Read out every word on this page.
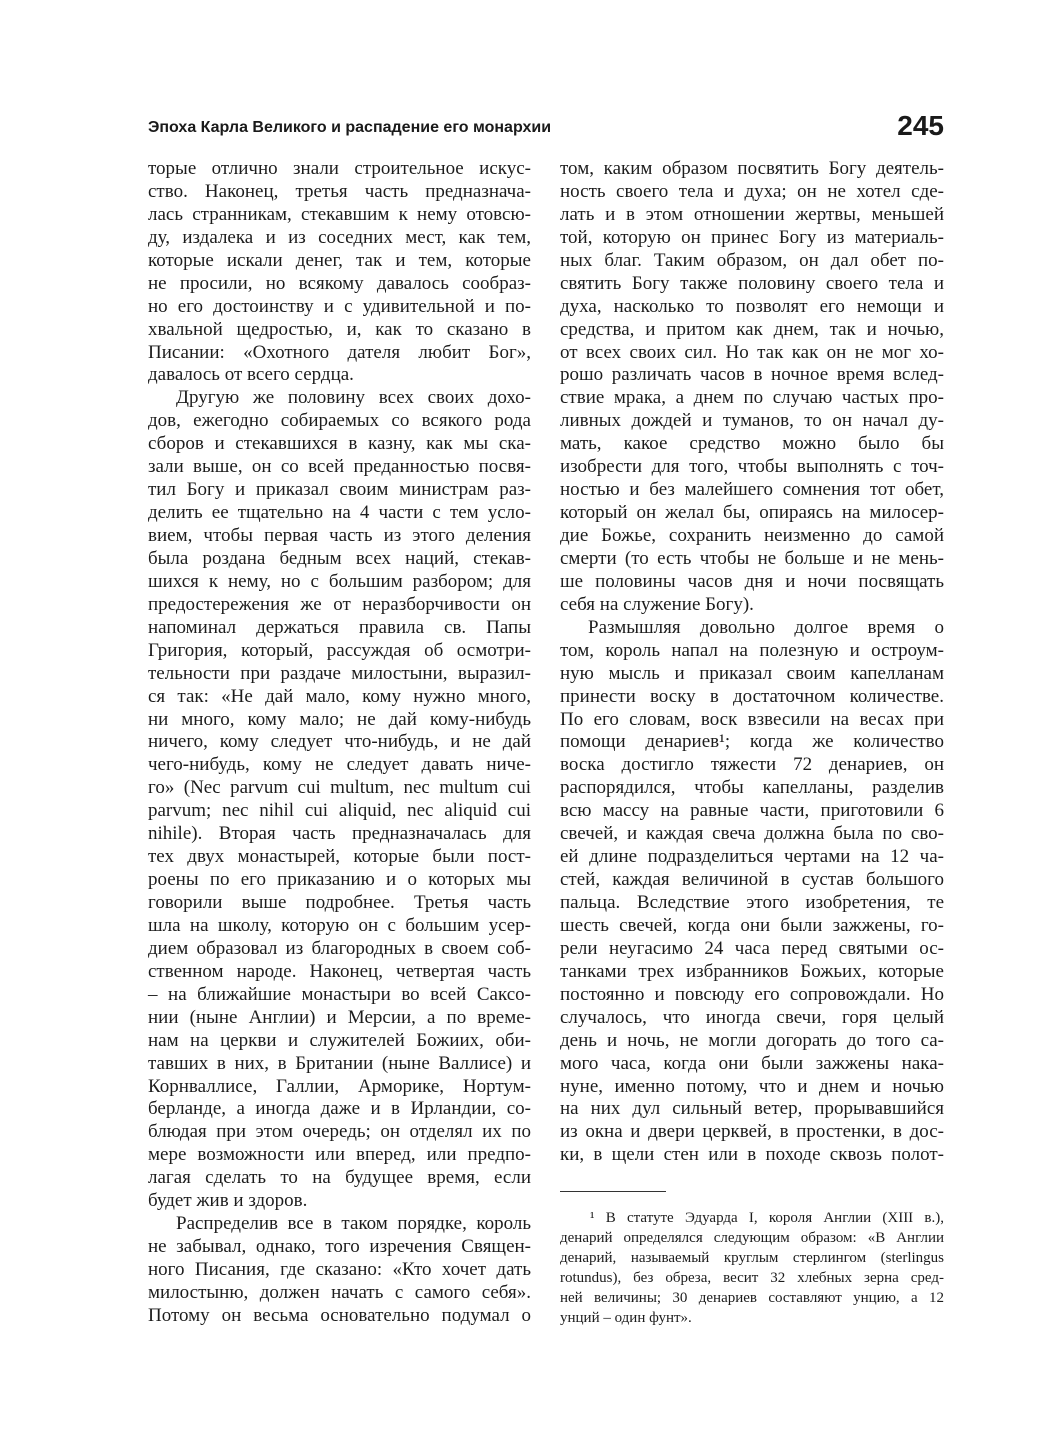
Эпоха Карла Великого и распадение его монархии	245
торые отлично знали строительное искус-
ство. Наконец, третья часть предназнача-
лась странникам, стекавшим к нему отовсю-
ду, издалека и из соседних мест, как тем,
которые искали денег, так и тем, которые
не просили, но всякому давалось сообраз-
но его достоинству и с удивительной и по-
хвальной щедростью, и, как то сказано в
Писании: «Охотного дателя любит Бог»,
давалось от всего сердца.
Другую же половину всех своих дохо-
дов, ежегодно собираемых со всякого рода
сборов и стекавшихся в казну, как мы ска-
зали выше, он со всей преданностью посвя-
тил Богу и приказал своим министрам раз-
делить ее тщательно на 4 части с тем усло-
вием, чтобы первая часть из этого деления
была роздана бедным всех наций, стекав-
шихся к нему, но с большим разбором; для
предостережения же от неразборчивости он
напоминал держаться правила св. Папы
Григория, который, рассуждая об осмотри-
тельности при раздаче милостыни, выразил-
ся так: «Не дай мало, кому нужно много,
ни много, кому мало; не дай кому-нибудь
ничего, кому следует что-нибудь, и не дай
чего-нибудь, кому не следует давать ниче-
го» (Nec parvum cui multum, nec multum cui
parvum; nec nihil cui aliquid, nec aliquid cui
nihile). Вторая часть предназначалась для
тех двух монастырей, которые были пост-
роены по его приказанию и о которых мы
говорили выше подробнее. Третья часть
шла на школу, которую он с большим усер-
дием образовал из благородных в своем соб-
ственном народе. Наконец, четвертая часть
– на ближайшие монастыри во всей Саксо-
нии (ныне Англии) и Мерсии, а по време-
нам на церкви и служителей Божиих, оби-
тавших в них, в Британии (ныне Валлисе) и
Корнваллисе, Галлии, Арморике, Нортум-
берланде, а иногда даже и в Ирландии, со-
блюдая при этом очередь; он отделял их по
мере возможности или вперед, или предпо-
лагая сделать то на будущее время, если
будет жив и здоров.
Распределив все в таком порядке, король
не забывал, однако, того изречения Священ-
ного Писания, где сказано: «Кто хочет дать
милостыню, должен начать с самого себя».
Потому он весьма основательно подумал о
том, каким образом посвятить Богу деятель-
ность своего тела и духа; он не хотел сде-
лать и в этом отношении жертвы, меньшей
той, которую он принес Богу из материаль-
ных благ. Таким образом, он дал обет по-
святить Богу также половину своего тела и
духа, насколько то позволят его немощи и
средства, и притом как днем, так и ночью,
от всех своих сил. Но так как он не мог хо-
рошо различать часов в ночное время вслед-
ствие мрака, а днем по случаю частых про-
ливных дождей и туманов, то он начал ду-
мать, какое средство можно было бы
изобрести для того, чтобы выполнять с точ-
ностью и без малейшего сомнения тот обет,
который он желал бы, опираясь на милосер-
дие Божье, сохранить неизменно до самой
смерти (то есть чтобы не больше и не мень-
ше половины часов дня и ночи посвящать
себя на служение Богу).
Размышляя довольно долгое время о
том, король напал на полезную и остроум-
ную мысль и приказал своим капелланам
принести воску в достаточном количестве.
По его словам, воск взвесили на весах при
помощи денариев¹; когда же количество
воска достигло тяжести 72 денариев, он
распорядился, чтобы капелланы, разделив
всю массу на равные части, приготовили 6
свечей, и каждая свеча должна была по сво-
ей длине подразделиться чертами на 12 ча-
стей, каждая величиной в сустав большого
пальца. Вследствие этого изобретения, те
шесть свечей, когда они были зажжены, го-
рели неугасимо 24 часа перед святыми ос-
танками трех избранников Божьих, которые
постоянно и повсюду его сопровождали. Но
случалось, что иногда свечи, горя целый
день и ночь, не могли догорать до того са-
мого часа, когда они были зажжены нака-
нуне, именно потому, что и днем и ночью
на них дул сильный ветер, прорывавшийся
из окна и двери церквей, в простенки, в дос-
ки, в щели стен или в походе сквозь полот-
¹ В статуте Эдуарда I, короля Англии (XIII в.),
денарий определялся следующим образом: «В Англии
денарий, называемый круглым стерлингом (sterlingus
rotundus), без обреза, весит 32 хлебных зерна сред-
ней величины; 30 денариев составляют унцию, а 12
унций – один фунт».
